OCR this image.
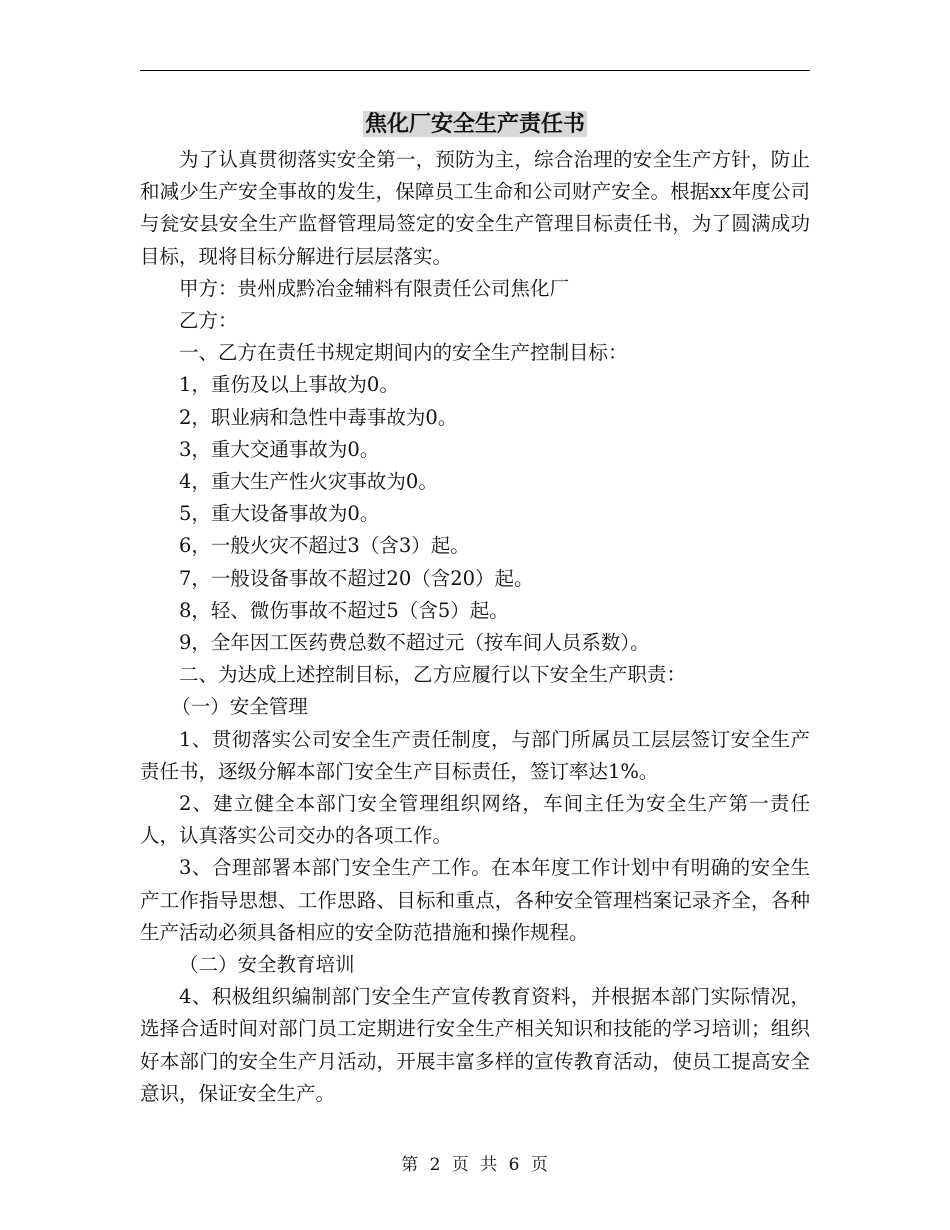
焦化厂安全生产责任书

为了认真贯彻落实安全第一，预防为主，综合治理的安全生产方针，防止和减少生产安全事故的发生，保障员工生命和公司财产安全。根据xx年度公司与瓮安县安全生产监督管理局签定的安全生产管理目标责任书，为了圆满成功目标，现将目标分解进行层层落实。

甲方：贵州成黔冶金辅料有限责任公司焦化厂

乙方：

一、乙方在责任书规定期间内的安全生产控制目标：

1，重伤及以上事故为0。

2，职业病和急性中毒事故为0。

3，重大交通事故为0。

4，重大生产性火灾事故为0。

5，重大设备事故为0。

6，一般火灾不超过3（含3）起。

7，一般设备事故不超过20（含20）起。

8，轻、微伤事故不超过5（含5）起。

9，全年因工医药费总数不超过元（按车间人员系数）。

二、为达成上述控制目标，乙方应履行以下安全生产职责：

（一）安全管理

1、贯彻落实公司安全生产责任制度，与部门所属员工层层签订安全生产责任书，逐级分解本部门安全生产目标责任，签订率达1%。

2、建立健全本部门安全管理组织网络，车间主任为安全生产第一责任人，认真落实公司交办的各项工作。

3、合理部署本部门安全生产工作。在本年度工作计划中有明确的安全生产工作指导思想、工作思路、目标和重点，各种安全管理档案记录齐全，各种生产活动必须具备相应的安全防范措施和操作规程。

（二）安全教育培训

4、积极组织编制部门安全生产宣传教育资料，并根据本部门实际情况，选择合适时间对部门员工定期进行安全生产相关知识和技能的学习培训；组织好本部门的安全生产月活动，开展丰富多样的宣传教育活动，使员工提高安全意识，保证安全生产。

第 2 页 共 6 页
